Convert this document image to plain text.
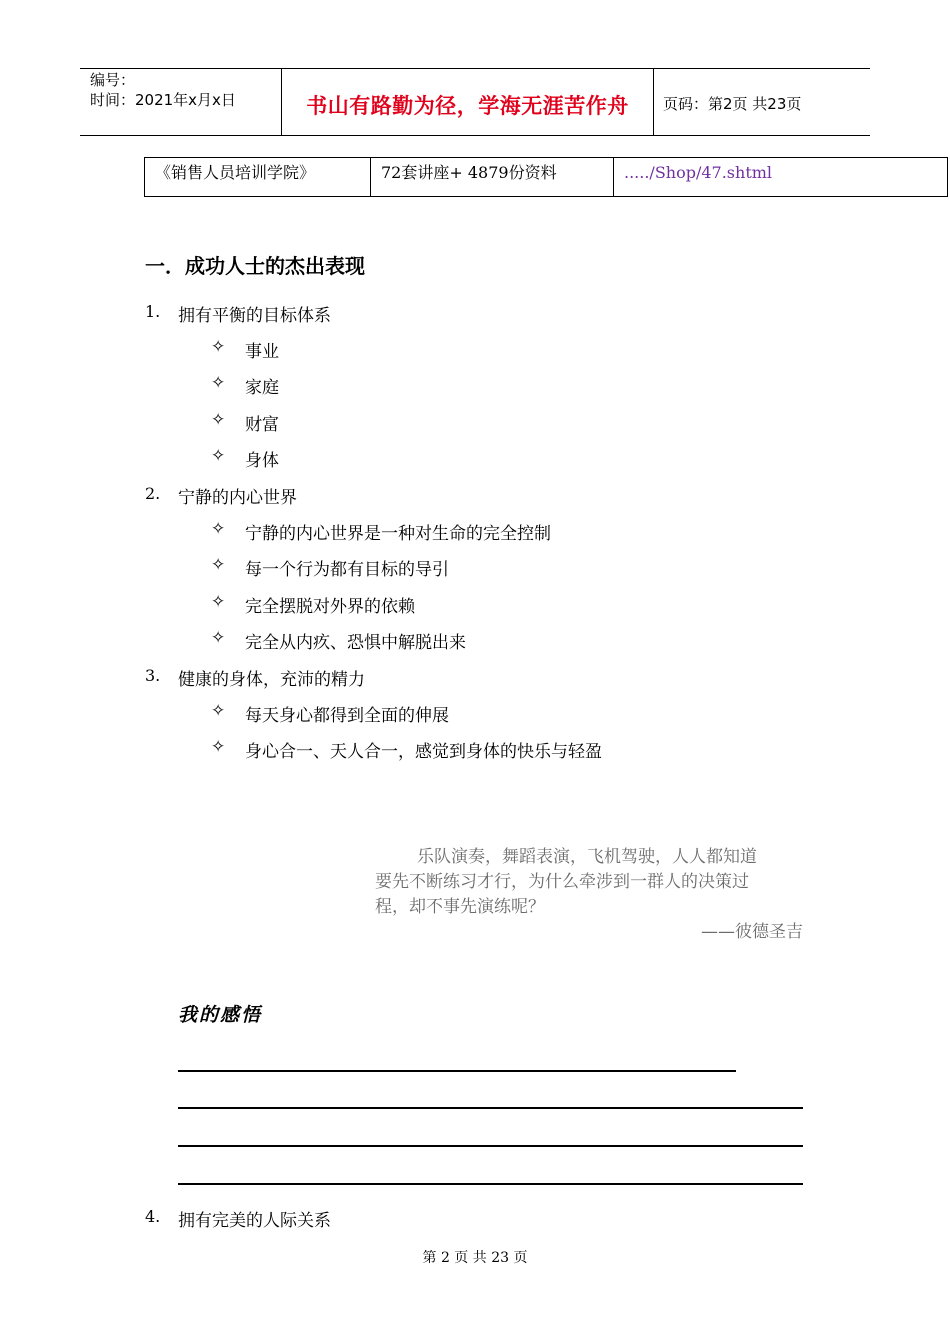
编号：
时间：2021年x月x日	书山有路勤为径，学海无涯苦作舟	页码：第2页 共23页
《销售人员培训学院》	72套讲座+ 4879份资料	...../Shop/47.shtml
一．成功人士的杰出表现
1. 拥有平衡的目标体系
✧ 事业
✧ 家庭
✧ 财富
✧ 身体
2. 宁静的内心世界
✧ 宁静的内心世界是一种对生命的完全控制
✧ 每一个行为都有目标的导引
✧ 完全摆脱对外界的依赖
✧ 完全从内疚、恐惧中解脱出来
3. 健康的身体，充沛的精力
✧ 每天身心都得到全面的伸展
✧ 身心合一、天人合一，感觉到身体的快乐与轻盈
乐队演奏，舞蹈表演，飞机驾驶，人人都知道
要先不断练习才行，为什么牵涉到一群人的决策过
程，却不事先演练呢？
——彼德圣吉
我的感悟
4. 拥有完美的人际关系
第 2 页 共 23 页
